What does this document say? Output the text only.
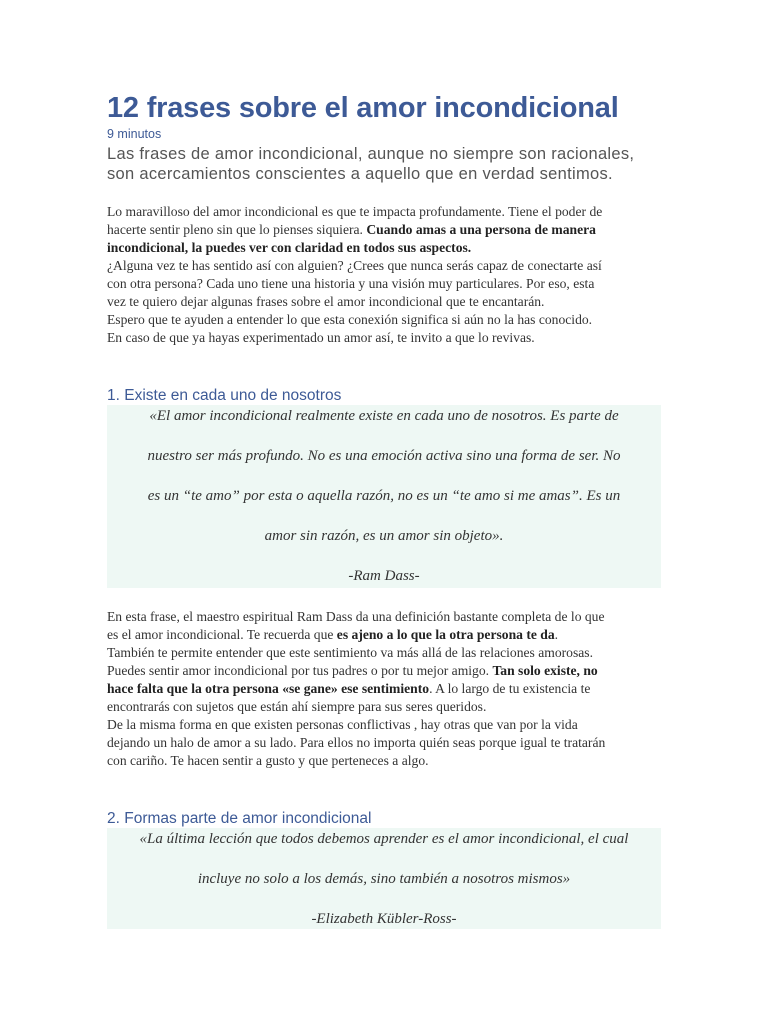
12 frases sobre el amor incondicional
9 minutos
Las frases de amor incondicional, aunque no siempre son racionales,
son acercamientos conscientes a aquello que en verdad sentimos.
Lo maravilloso del amor incondicional es que te impacta profundamente. Tiene el poder de
hacerte sentir pleno sin que lo pienses siquiera. Cuando amas a una persona de manera
incondicional, la puedes ver con claridad en todos sus aspectos.
¿Alguna vez te has sentido así con alguien? ¿Crees que nunca serás capaz de conectarte así
con otra persona? Cada uno tiene una historia y una visión muy particulares. Por eso, esta
vez te quiero dejar algunas frases sobre el amor incondicional que te encantarán.
Espero que te ayuden a entender lo que esta conexión significa si aún no la has conocido.
En caso de que ya hayas experimentado un amor así, te invito a que lo revivas.
1. Existe en cada uno de nosotros
«El amor incondicional realmente existe en cada uno de nosotros. Es parte de
nuestro ser más profundo. No es una emoción activa sino una forma de ser. No
es un “te amo” por esta o aquella razón, no es un “te amo si me amas”. Es un
amor sin razón, es un amor sin objeto».
-Ram Dass-
En esta frase, el maestro espiritual Ram Dass da una definición bastante completa de lo que
es el amor incondicional. Te recuerda que es ajeno a lo que la otra persona te da.
También te permite entender que este sentimiento va más allá de las relaciones amorosas.
Puedes sentir amor incondicional por tus padres o por tu mejor amigo. Tan solo existe, no
hace falta que la otra persona «se gane» ese sentimiento. A lo largo de tu existencia te
encontrarás con sujetos que están ahí siempre para sus seres queridos.
De la misma forma en que existen personas conflictivas , hay otras que van por la vida
dejando un halo de amor a su lado. Para ellos no importa quién seas porque igual te tratarán
con cariño. Te hacen sentir a gusto y que perteneces a algo.
2. Formas parte de amor incondicional
«La última lección que todos debemos aprender es el amor incondicional, el cual
incluye no solo a los demás, sino también a nosotros mismos»
-Elizabeth Kübler-Ross-
